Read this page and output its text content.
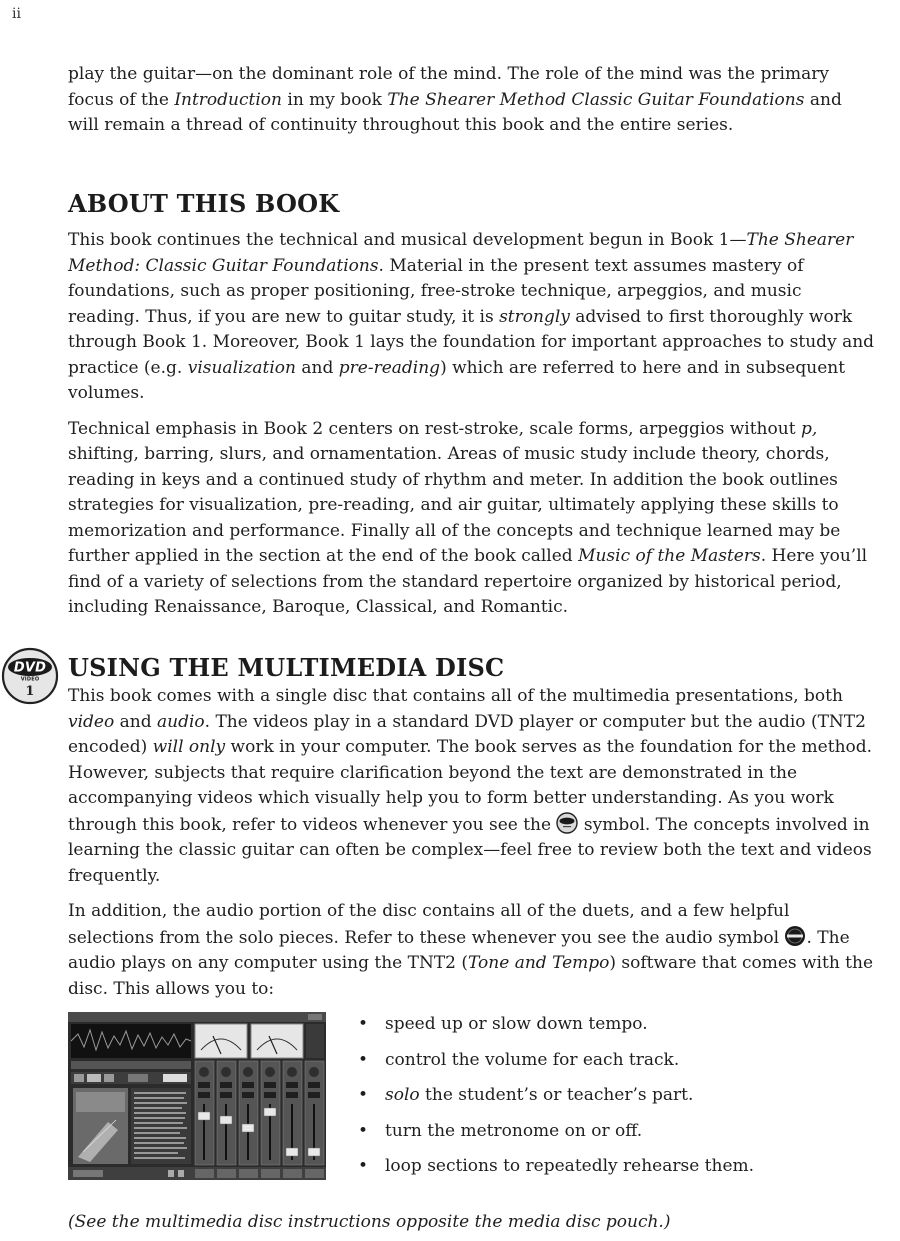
ii

play the guitar—on the dominant role of the mind. The role of the mind was the primary focus of the Introduction in my book The Shearer Method Classic Guitar Foundations and will remain a thread of continuity throughout this book and the entire series.

ABOUT THIS BOOK

This book continues the technical and musical development begun in Book 1—The Shearer Method: Classic Guitar Foundations. Material in the present text assumes mastery of foundations, such as proper positioning, free-stroke technique, arpeggios, and music reading. Thus, if you are new to guitar study, it is strongly advised to first thoroughly work through Book 1. Moreover, Book 1 lays the foundation for important approaches to study and practice (e.g. visualization and pre-reading) which are referred to here and in subsequent volumes.

Technical emphasis in Book 2 centers on rest-stroke, scale forms, arpeggios without p, shifting, barring, slurs, and ornamentation. Areas of music study include theory, chords, reading in keys and a continued study of rhythm and meter. In addition the book outlines strategies for visualization, pre-reading, and air guitar, ultimately applying these skills to memorization and performance. Finally all of the concepts and technique learned may be further applied in the section at the end of the book called Music of the Masters. Here you’ll find of a variety of selections from the standard repertoire organized by historical period, including Renaissance, Baroque, Classical, and Romantic.

DVD
VIDEO
1
USING THE MULTIMEDIA DISC

This book comes with a single disc that contains all of the multimedia presentations, both video and audio. The videos play in a standard DVD player or computer but the audio (TNT2 encoded) will only work in your computer. The book serves as the foundation for the method. However, subjects that require clarification beyond the text are demonstrated in the accompanying videos which visually help you to form better understanding. As you work through this book, refer to videos whenever you see the  symbol. The concepts involved in learning the classic guitar can often be complex—feel free to review both the text and videos frequently.

In addition, the audio portion of the disc contains all of the duets, and a few helpful selections from the solo pieces. Refer to these whenever you see the audio symbol . The audio plays on any computer using the TNT2 (Tone and Tempo) software that comes with the disc. This allows you to:

• speed up or slow down tempo.
• control the volume for each track.
• solo the student’s or teacher’s part.
• turn the metronome on or off.
• loop sections to repeatedly rehearse them.
(See the multimedia disc instructions opposite the media disc pouch.)
